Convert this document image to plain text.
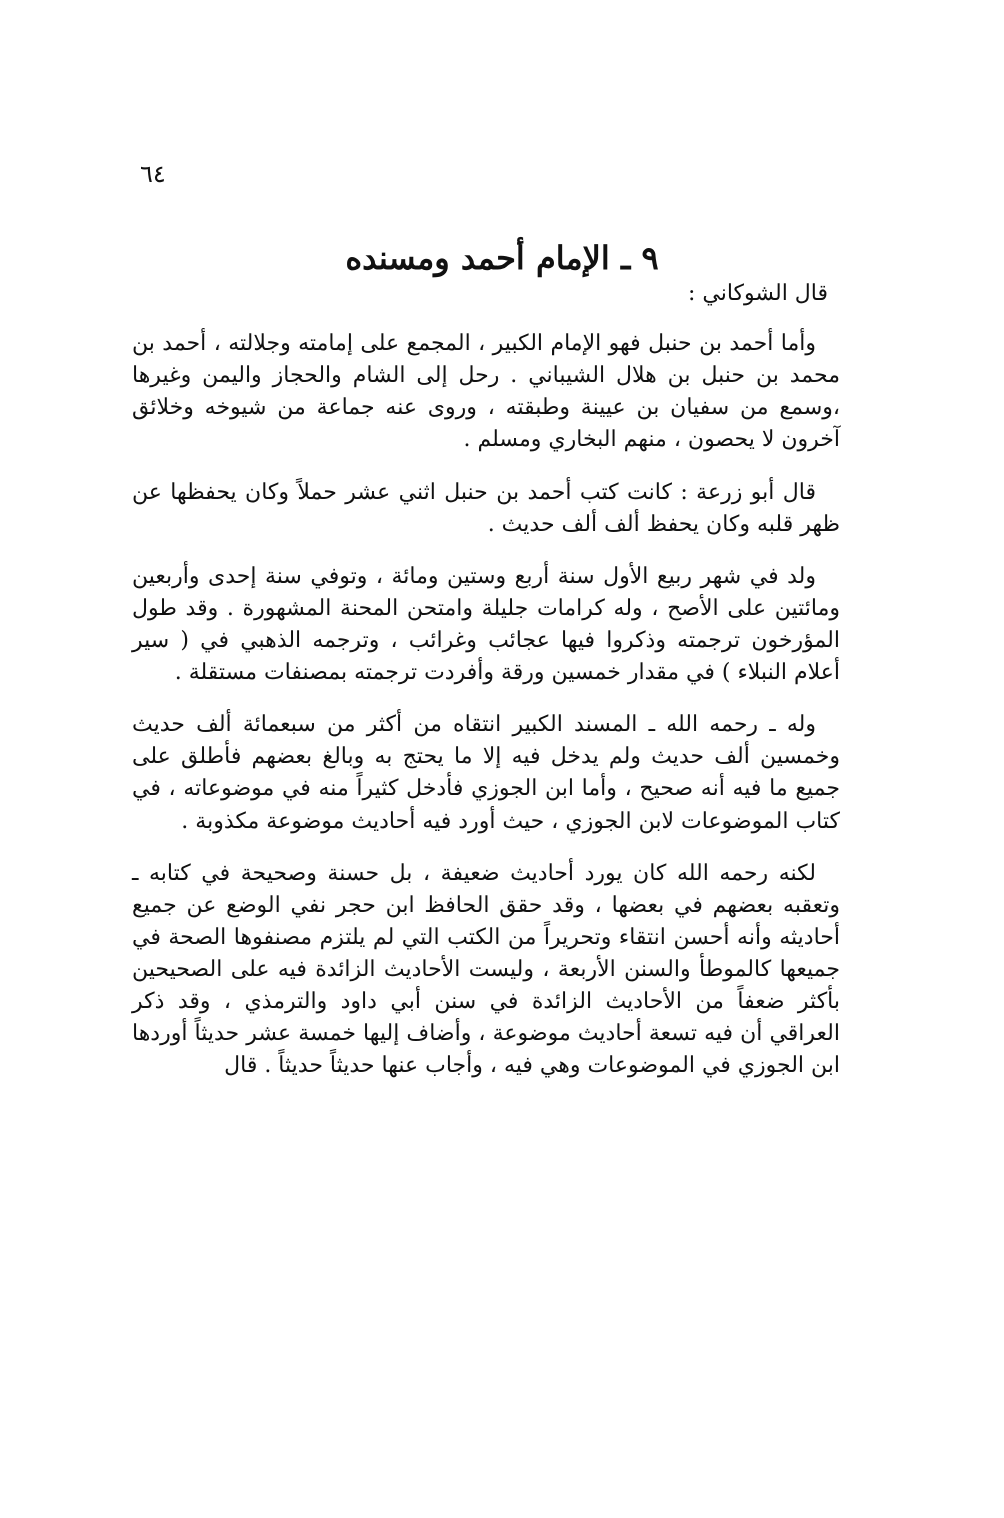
٦٤
٩ ـ الإمام أحمد ومسنده
قال الشوكاني :

وأما أحمد بن حنبل فهو الإمام الكبير ، المجمع على إمامته وجلالته ، أحمد بن محمد بن حنبل بن هلال الشيباني . رحل إلى الشام والحجاز واليمن وغيرها ،وسمع من سفيان بن عيينة وطبقته ، وروى عنه جماعة من شيوخه وخلائق آخرون لا يحصون ، منهم البخاري ومسلم .

قال أبو زرعة : كانت كتب أحمد بن حنبل اثني عشر حملاً وكان يحفظها عن ظهر قلبه وكان يحفظ ألف ألف حديث .

ولد في شهر ربيع الأول سنة أربع وستين ومائة ، وتوفي سنة إحدى وأربعين ومائتين على الأصح ، وله كرامات جليلة وامتحن المحنة المشهورة . وقد طول المؤرخون ترجمته وذكروا فيها عجائب وغرائب ، وترجمه الذهبي في ( سير أعلام النبلاء ) في مقدار خمسين ورقة وأفردت ترجمته بمصنفات مستقلة .

وله ـ رحمه الله ـ المسند الكبير انتقاه من أكثر من سبعمائة ألف حديث وخمسين ألف حديث ولم يدخل فيه إلا ما يحتج به وبالغ بعضهم فأطلق على جميع ما فيه أنه صحيح ، وأما ابن الجوزي فأدخل كثيراً منه في موضوعاته ، في كتاب الموضوعات لابن الجوزي ، حيث أورد فيه أحاديث موضوعة مكذوبة .

لكنه رحمه الله كان يورد أحاديث ضعيفة ، بل حسنة وصحيحة في كتابه ـ وتعقبه بعضهم في بعضها ، وقد حقق الحافظ ابن حجر نفي الوضع عن جميع أحاديثه وأنه أحسن انتقاء وتحريراً من الكتب التي لم يلتزم مصنفوها الصحة في جميعها كالموطأ والسنن الأربعة ، وليست الأحاديث الزائدة فيه على الصحيحين بأكثر ضعفاً من الأحاديث الزائدة في سنن أبي داود والترمذي ، وقد ذكر العراقي أن فيه تسعة أحاديث موضوعة ، وأضاف إليها خمسة عشر حديثاً أوردها ابن الجوزي في الموضوعات وهي فيه ، وأجاب عنها حديثاً حديثاً . قال
